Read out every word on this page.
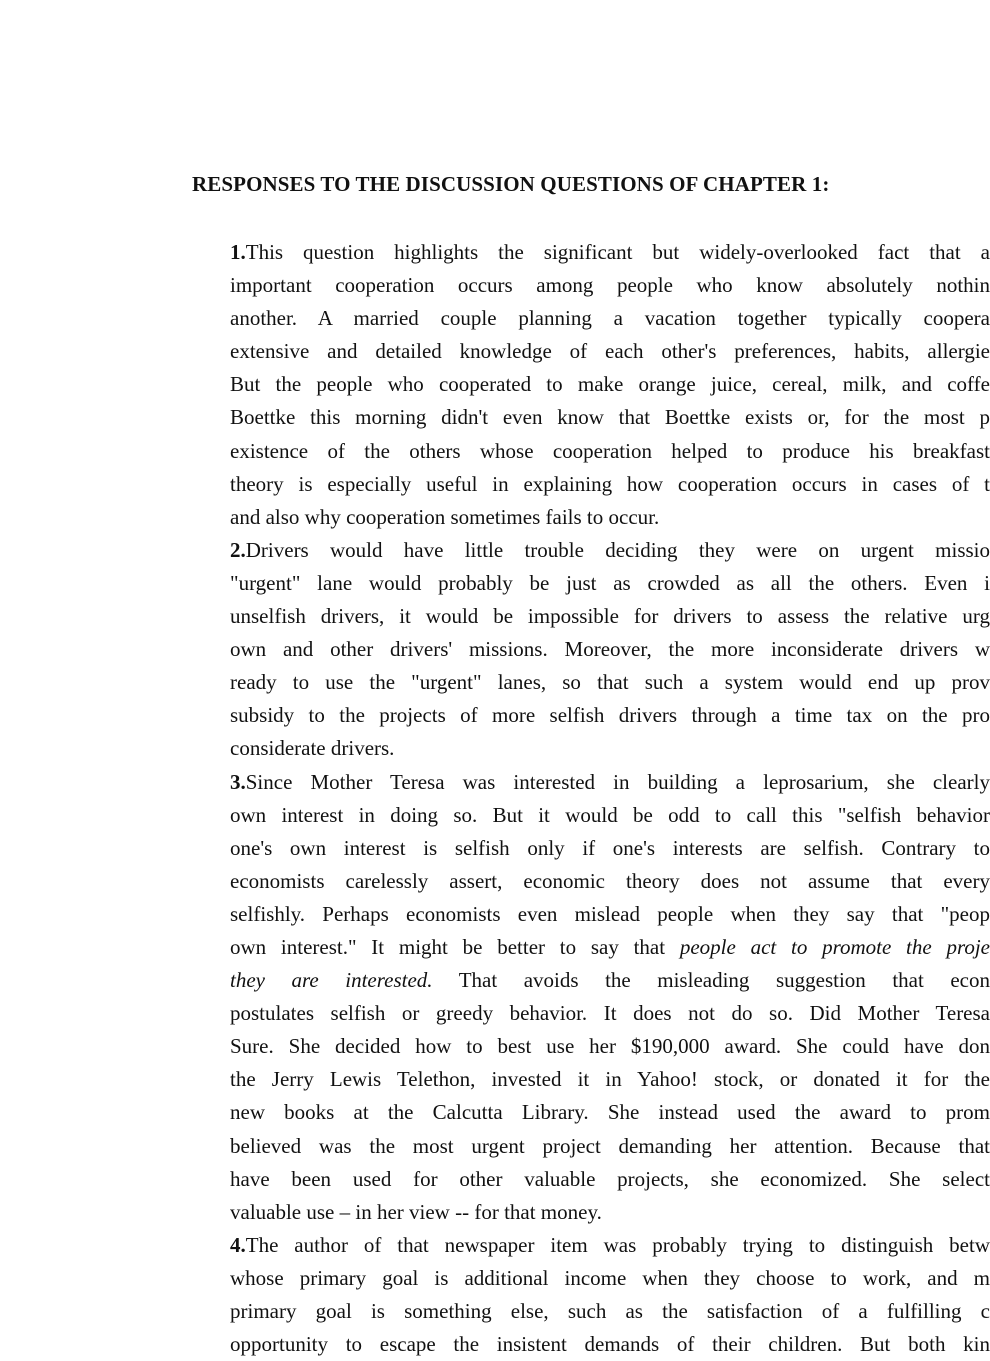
RESPONSES TO THE DISCUSSION QUESTIONS OF CHAPTER 1:
1.This question highlights the significant but widely-overlooked fact that a
important cooperation occurs among people who know absolutely nothin
another. A married couple planning a vacation together typically coopera
extensive and detailed knowledge of each other's preferences, habits, allergie
But the people who cooperated to make orange juice, cereal, milk, and coffe
Boettke this morning didn't even know that Boettke exists or, for the most p
existence of the others whose cooperation helped to produce his breakfast
theory is especially useful in explaining how cooperation occurs in cases of t
and also why cooperation sometimes fails to occur.
2.Drivers would have little trouble deciding they were on urgent missio
"urgent" lane would probably be just as crowded as all the others. Even i
unselfish drivers, it would be impossible for drivers to assess the relative urg
own and other drivers' missions. Moreover, the more inconsiderate drivers w
ready to use the "urgent" lanes, so that such a system would end up prov
subsidy to the projects of more selfish drivers through a time tax on the pro
considerate drivers.
3.Since Mother Teresa was interested in building a leprosarium, she clearly
own interest in doing so. But it would be odd to call this "selfish behavior
one's own interest is selfish only if one's interests are selfish. Contrary to
economists carelessly assert, economic theory does not assume that every
selfishly. Perhaps economists even mislead people when they say that "peop
own interest." It might be better to say that people act to promote the proje
they are interested. That avoids the misleading suggestion that econ
postulates selfish or greedy behavior. It does not do so. Did Mother Teresa
Sure. She decided how to best use her $190,000 award. She could have don
the Jerry Lewis Telethon, invested it in Yahoo! stock, or donated it for the
new books at the Calcutta Library. She instead used the award to prom
believed was the most urgent project demanding her attention. Because that
have been used for other valuable projects, she economized. She select
valuable use – in her view -- for that money.
4.The author of that newspaper item was probably trying to distinguish betw
whose primary goal is additional income when they choose to work, and m
primary goal is something else, such as the satisfaction of a fulfilling c
opportunity to escape the insistent demands of their children. But both kin
